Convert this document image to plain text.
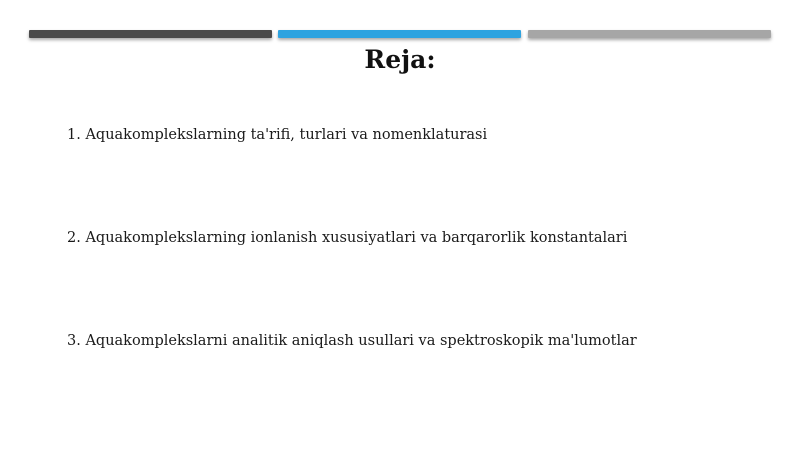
Reja:
1. Aquakomplekslarning ta'rifi, turlari va nomenklaturasi
2. Aquakomplekslarning ionlanish xususiyatlari va barqarorlik konstantalari
3. Aquakomplekslarni analitik aniqlash usullari va spektroskopik ma'lumotlar
